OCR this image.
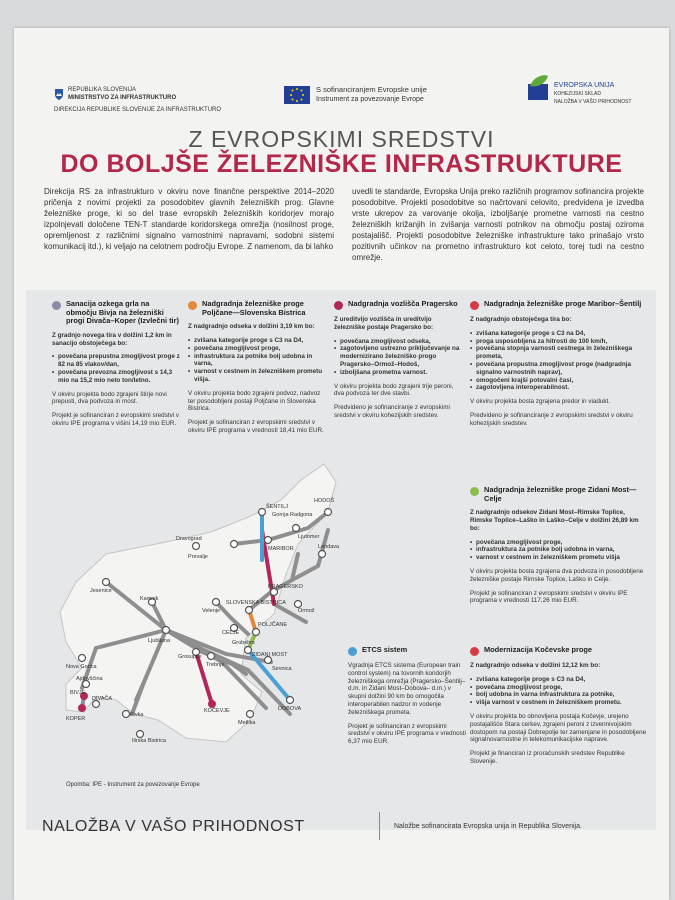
REPUBLIKA SLOVENIJA
MINISTRSTVO ZA INFRASTRUKTURO
DIREKCIJA REPUBLIKE SLOVENIJE ZA INFRASTRUKTURO
S sofinanciranjem Evropske unije
Instrument za povezovanje Evrope
EVROPSKA UNIJA
KOHEZIJSKI SKLAD
NALOŽBA V VAŠO PRIHODNOST
Z EVROPSKIMI SREDSTVI
DO BOLJŠE ŽELEZNIŠKE INFRASTRUKTURE
Direkcija RS za infrastrukturo v okviru nove finančne perspektive 2014–2020 pričenja z novimi projekti za posodobitev glavnih železniških prog. Glavne železniške proge, ki so del trase evropskih železniških koridorjev morajo izpolnjevati določene TEN-T standarde koridorskega omrežja (nosilnost proge, opremljenost z različnimi signalno varnostnimi napravami, sodobni sistemi komunikacij itd.), ki veljajo na celotnem področju Evrope. Z namenom, da bi lahko
uvedli te standarde, Evropska Unija preko različnih programov sofinancira projekte posodobitve. Projekti posodobitve so načrtovani celovito, predvidena je izvedba vrste ukrepov za varovanje okolja, izboljšanje prometne varnosti na cestno železniških križanjih in zvišanja varnosti potnikov na območju postaj oziroma postajališč. Projekti posodobitve železniške infrastrukture tako prinašajo vrsto pozitivnih učinkov na prometno infrastrukturo kot celoto, torej tudi na cestno omrežje.
Sanacija ozkega grla na območju Bivja na železniški progi Divača–Koper (Izvlečni tir)

Z gradnjo novega tira v dolžini 1,2 km in sanacijo obstoječega bo:

• povečana prepustna zmogljivost proge z 82 na 85 vlakov/dan,
• povečana prevozna zmogljivost s 14,3 mio na 15,2 mio neto ton/letno.

V okviru projekta bodo zgrajeni štirje novi prepusti, dva podvoza in most.

Projekt je sofinanciran z evropskimi sredstvi v okviru IPE programa v višini 14,19 mio EUR.

Nadgradnja železniške proge Poljčane—Slovenska Bistrica

Z nadgradnjo odseka v dolžini 3,19 km bo:

• zvišana kategorije proge s C3 na D4,
• povečana zmogljivost proge,
• infrastruktura za potnike bolj udobna in varna,
• varnost v cestnem in železniškem prometu višja.

V okviru projekta bodo zgrajeni podvoz, nadvoz ter posodobljeni postaji Poljčane in Slovenska Bistrica.

Projekt je sofinanciran z evropskimi sredstvi v okviru IPE programa v vrednosti 18,41 mio EUR.

Nadgradnja vozlišča Pragersko

Z ureditvijo vozlišča in ureditvijo železniške postaje Pragersko bo:

• povečana zmogljivost odseka,
• zagotovljeno ustrezno priključevanje na modernizirano železniško progo Pragersko–Ormož–Hodoš,
• izboljšana prometna varnost.

V okviru projekta bodo zgrajeni trije peroni, dva podvoza ter dve stavbi.

Predvideno je sofinanciranje z evropskimi sredstvi v okviru kohezijskih sredstev.

Nadgradnja železniške proge Maribor–Šentilj

Z nadgradnjo obstoječega tira bo:

• zvišana kategorije proge s C3 na D4,
• proga usposobljena za hitrosti do 100 km/h,
• povečana stopnja varnosti cestnega in železniškega prometa,
• povečana propustna zmogljivost proge (nadgradnja signalno varnostnih naprav),
• omogočeni krajši potovalni časi,
• zagotovljena interoperabilnost.

V okviru projekta bosta zgrajena predor in viadukt.

Predvideno je sofinanciranje z evropskimi sredstvi v okviru kohezijskih sredstev.

Nadgradnja železniške proge Zidani Most—Celje

Z nadgradnjo odsekov Zidani Most–Rimske Toplice, Rimske Toplice–Laško in Laško–Celje v dolžini 26,89 km bo:

• povečana zmogljivost proge,
• infrastruktura za potnike bolj udobna in varna,
• varnost v cestnem in železniškem prometu višja

V okviru projekta bosta zgrajena dva podvoza in posodobljene železniške postaje Rimske Toplice, Laško in Celje.

Projekt je sofinanciran z evropskimi sredstvi v okviru IPE programa v vrednosti 117,26 mio EUR.

ETCS sistem

Vgradnja ETCS sistema (European train control system) na tovornih koridorjih železniškega omrežja (Pragersko–Šentilj–d.m. in Zidani Most–Dobova– d.m.) v skupni dolžini 90 km bo omogočila interoperabilen nadzor in vodenje železniškega prometa.

Projekt je sofinanciran z evropskimi sredstvi v okviru IPE programa v vrednosti 6,37 mio EUR.

Modernizacija Kočevske proge

Z nadgradnjo odseka v dolžini 12,12 km bo:

• zvišana kategorije proge s C3 na D4,
• povečana zmogljivost proge,
• bolj udobna in varna infrastruktura za potnike,
• višja varnost v cestnem in železniškem prometu.

V okviru projekta bo obnovljena postaja Kočevje, urejeno postajališče Stara cerkev, zgrajeni peroni z izvennivojskim dostopom na postaji Dobrepolje ter zamenjane in posodobljene signalnovarnostne in telekomunikacijske naprave.

Projekt je financiran iz proračunskih sredstev Republike Slovenije.

ŠENTILJ
Gornja Radgona
HODOŠ
Dravograd
MARIBOR
Ljutomer
Lendava
Prevalje
PRAGERSKO
Jesenice
SLOVENSKA BISTRICA
Ormož
Velenje
POLJČANE
Kamnik
CELJE
Grobelno
ZIDANI MOST
Ljubljana
Trebnje
Sevnica
Nova Gorica
Grosuplje
Ajdovščina
DOBOVA
KOČEVJE
DIVAČA
Pivka
BIVJE
Metlika
KOPER
Ilirska Bistrica
Opomba: IPE - Instrument za povezovanje Evrope
NALOŽBA V VAŠO PRIHODNOST	Naložbe sofinancirata Evropska unija in Republika Slovenija.
